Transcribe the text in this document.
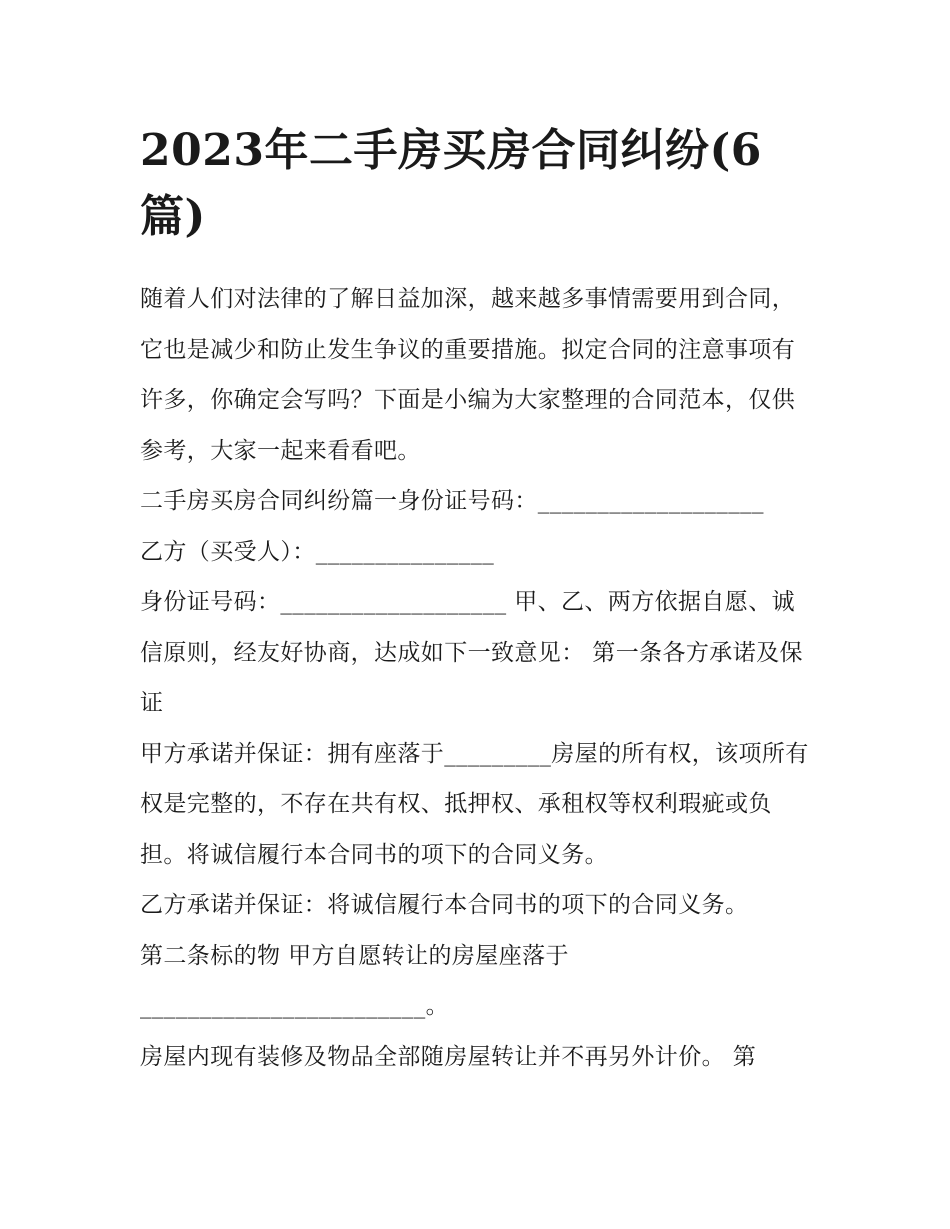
2023年二手房买房合同纠纷(6篇)

随着人们对法律的了解日益加深，越来越多事情需要用到合同，它也是减少和防止发生争议的重要措施。拟定合同的注意事项有许多，你确定会写吗？下面是小编为大家整理的合同范本，仅供参考，大家一起来看看吧。

二手房买房合同纠纷篇一身份证号码：___________________

乙方（买受人）：_______________

身份证号码：___________________ 甲、乙、两方依据自愿、诚信原则，经友好协商，达成如下一致意见： 第一条各方承诺及保证

甲方承诺并保证：拥有座落于_________房屋的所有权，该项所有权是完整的，不存在共有权、抵押权、承租权等权利瑕疵或负担。将诚信履行本合同书的项下的合同义务。

乙方承诺并保证：将诚信履行本合同书的项下的合同义务。

第二条标的物 甲方自愿转让的房屋座落于

________________________。

房屋内现有装修及物品全部随房屋转让并不再另外计价。 第
